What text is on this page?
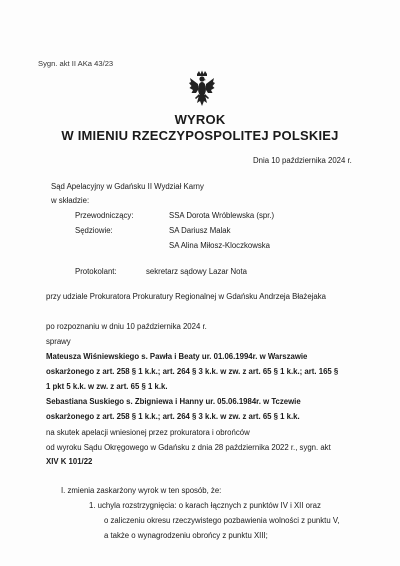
Sygn. akt II AKa 43/23
WYROK
W IMIENIU RZECZYPOSPOLITEJ POLSKIEJ
Dnia 10 października 2024 r.
Sąd Apelacyjny w Gdańsku II Wydział Karny
w składzie:
Przewodniczący:	SSA Dorota Wróblewska (spr.)
Sędziowie:	SA Dariusz Malak
SA Alina Miłosz-Kloczkowska
Protokolant:	sekretarz sądowy Lazar Nota
przy udziale Prokuratora Prokuratury Regionalnej w Gdańsku Andrzeja Błażejaka
po rozpoznaniu w dniu 10 października 2024 r.
sprawy
Mateusza Wiśniewskiego s. Pawła i Beaty ur. 01.06.1994r. w Warszawie
oskarżonego z art. 258 § 1 k.k.; art. 264 § 3 k.k. w zw. z art. 65 § 1 k.k.; art. 165 §
1 pkt 5 k.k. w zw. z art. 65 § 1 k.k.
Sebastiana Suskiego s. Zbigniewa i Hanny ur. 05.06.1984r. w Tczewie
oskarżonego z art. 258 § 1 k.k.; art. 264 § 3 k.k. w zw. z art. 65 § 1 k.k.
na skutek apelacji wniesionej przez prokuratora i obrońców
od wyroku Sądu Okręgowego w Gdańsku z dnia 28 października 2022 r., sygn. akt
XIV K 101/22
I. zmienia zaskarżony wyrok w ten sposób, że:
1. uchyla rozstrzygnięcia: o karach łącznych z punktów IV i XII oraz
o zaliczeniu okresu rzeczywistego pozbawienia wolności z punktu V,
a także o wynagrodzeniu obrońcy z punktu XIII;
